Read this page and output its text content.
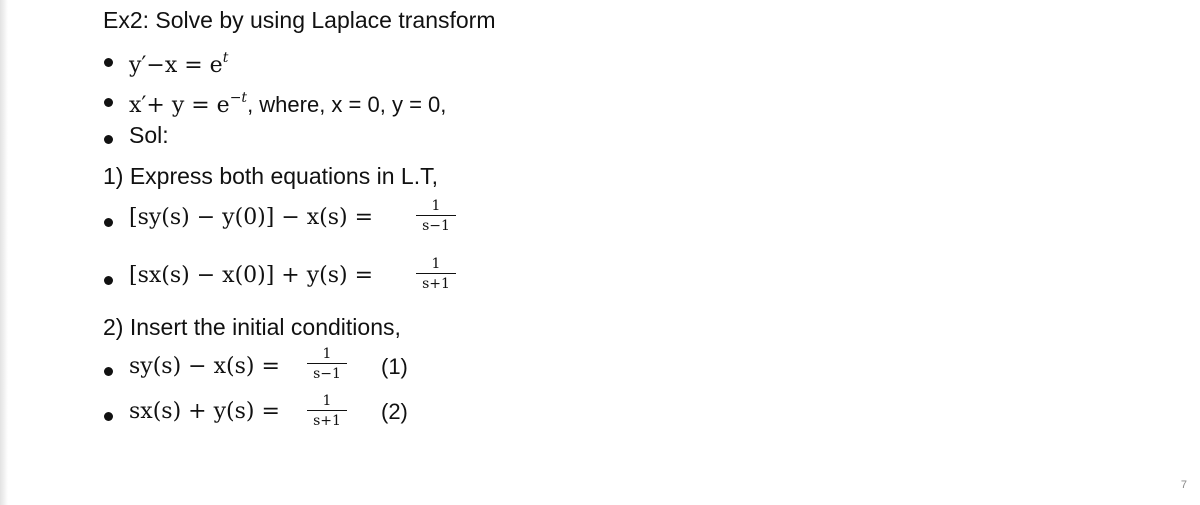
Ex2: Solve by using Laplace transform
$y'-x = e^t$
$x'+ y = e^{-t}$, where, x = 0, y = 0,
Sol:
1) Express both equations in L.T,
[sy(s) − y(0)] − x(s) =	1
s−1
[sx(s) − x(0)] + y(s) =	1
s+1
2) Insert the initial conditions,
sy(s) − x(s) =	1
s−1 (1)
sx(s) + y(s) =	1
s+1 (2)
7
